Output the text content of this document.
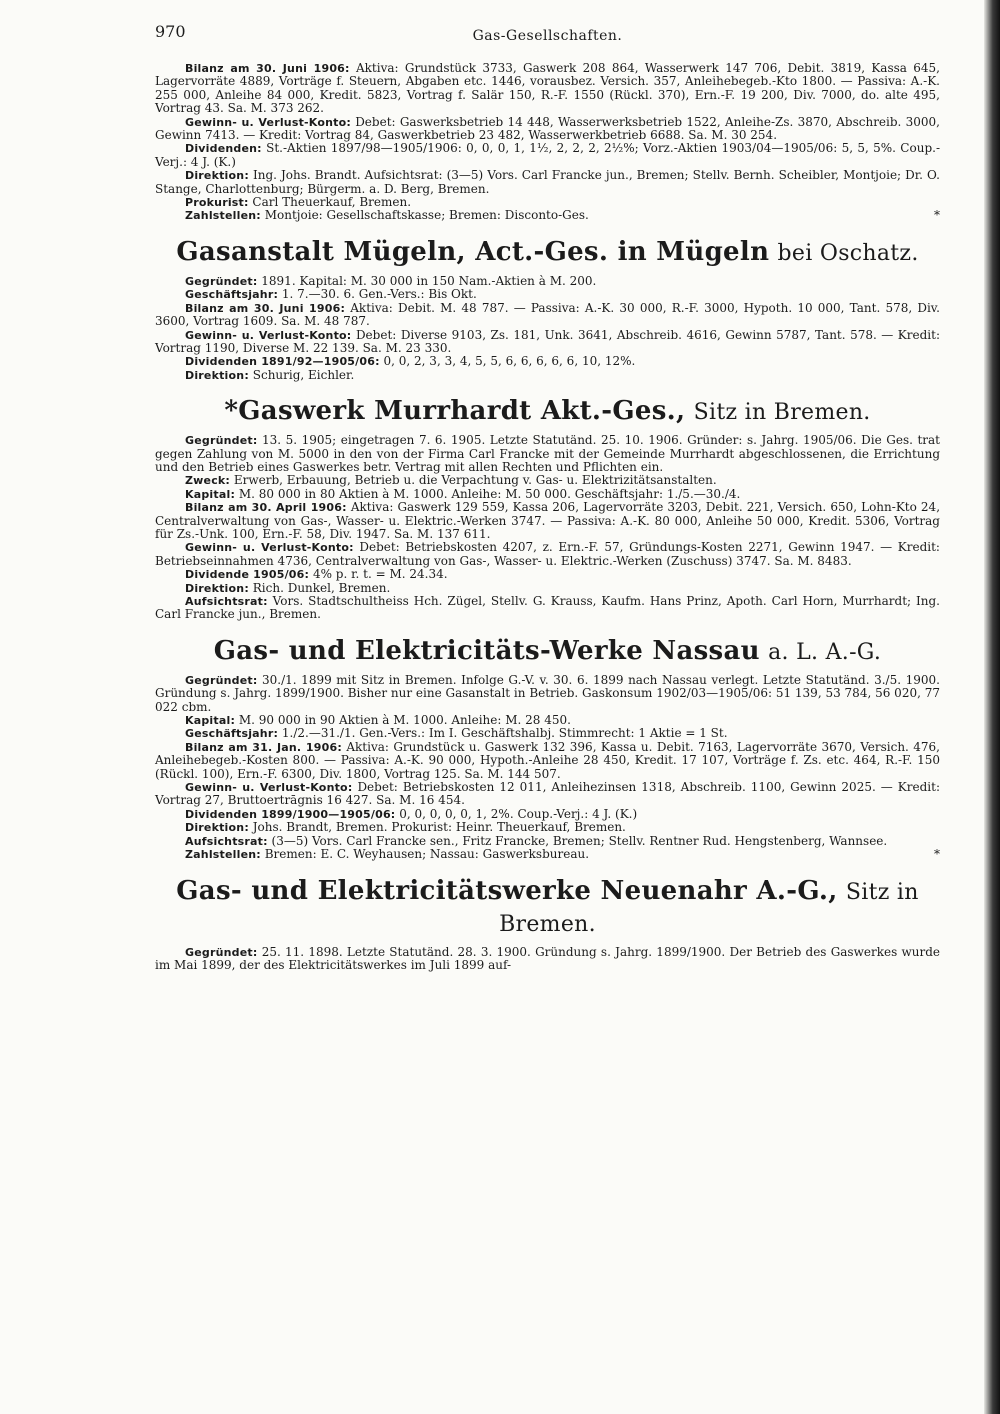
970	Gas-Gesellschaften.

Bilanz am 30. Juni 1906: Aktiva: Grundstück 3733, Gaswerk 208 864, Wasserwerk 147 706, Debit. 3819, Kassa 645, Lagervorräte 4889, Vorträge f. Steuern, Abgaben etc. 1446, vorausbez. Versich. 357, Anleihebegeb.-Kto 1800. — Passiva: A.-K. 255 000, Anleihe 84 000, Kredit. 5823, Vortrag f. Salär 150, R.-F. 1550 (Rückl. 370), Ern.-F. 19 200, Div. 7000, do. alte 495, Vortrag 43. Sa. M. 373 262.

Gewinn- u. Verlust-Konto: Debet: Gaswerksbetrieb 14 448, Wasserwerksbetrieb 1522, Anleihe-Zs. 3870, Abschreib. 3000, Gewinn 7413. — Kredit: Vortrag 84, Gaswerkbetrieb 23 482, Wasserwerkbetrieb 6688. Sa. M. 30 254.

Dividenden: St.-Aktien 1897/98—1905/1906: 0, 0, 0, 1, 1½, 2, 2, 2, 2½%; Vorz.-Aktien 1903/04—1905/06: 5, 5, 5%. Coup.-Verj.: 4 J. (K.)

Direktion: Ing. Johs. Brandt. Aufsichtsrat: (3—5) Vors. Carl Francke jun., Bremen; Stellv. Bernh. Scheibler, Montjoie; Dr. O. Stange, Charlottenburg; Bürgerm. a. D. Berg, Bremen.

Prokurist: Carl Theuerkauf, Bremen.

Zahlstellen: Montjoie: Gesellschaftskasse; Bremen: Disconto-Ges.	*

Gasanstalt Mügeln, Act.-Ges. in Mügeln bei Oschatz.

Gegründet: 1891. Kapital: M. 30 000 in 150 Nam.-Aktien à M. 200.

Geschäftsjahr: 1. 7.—30. 6. Gen.-Vers.: Bis Okt.

Bilanz am 30. Juni 1906: Aktiva: Debit. M. 48 787. — Passiva: A.-K. 30 000, R.-F. 3000, Hypoth. 10 000, Tant. 578, Div. 3600, Vortrag 1609. Sa. M. 48 787.

Gewinn- u. Verlust-Konto: Debet: Diverse 9103, Zs. 181, Unk. 3641, Abschreib. 4616, Gewinn 5787, Tant. 578. — Kredit: Vortrag 1190, Diverse M. 22 139. Sa. M. 23 330.

Dividenden 1891/92—1905/06: 0, 0, 2, 3, 3, 4, 5, 5, 6, 6, 6, 6, 6, 10, 12%.

Direktion: Schurig, Eichler.

*Gaswerk Murrhardt Akt.-Ges., Sitz in Bremen.

Gegründet: 13. 5. 1905; eingetragen 7. 6. 1905. Letzte Statutänd. 25. 10. 1906. Gründer: s. Jahrg. 1905/06. Die Ges. trat gegen Zahlung von M. 5000 in den von der Firma Carl Francke mit der Gemeinde Murrhardt abgeschlossenen, die Errichtung und den Betrieb eines Gaswerkes betr. Vertrag mit allen Rechten und Pflichten ein.

Zweck: Erwerb, Erbauung, Betrieb u. die Verpachtung v. Gas- u. Elektrizitätsanstalten.

Kapital: M. 80 000 in 80 Aktien à M. 1000. Anleihe: M. 50 000. Geschäftsjahr: 1./5.—30./4.

Bilanz am 30. April 1906: Aktiva: Gaswerk 129 559, Kassa 206, Lagervorräte 3203, Debit. 221, Versich. 650, Lohn-Kto 24, Centralverwaltung von Gas-, Wasser- u. Elektric.-Werken 3747. — Passiva: A.-K. 80 000, Anleihe 50 000, Kredit. 5306, Vortrag für Zs.-Unk. 100, Ern.-F. 58, Div. 1947. Sa. M. 137 611.

Gewinn- u. Verlust-Konto: Debet: Betriebskosten 4207, z. Ern.-F. 57, Gründungs-Kosten 2271, Gewinn 1947. — Kredit: Betriebseinnahmen 4736, Centralverwaltung von Gas-, Wasser- u. Elektric.-Werken (Zuschuss) 3747. Sa. M. 8483.

Dividende 1905/06: 4% p. r. t. = M. 24.34.

Direktion: Rich. Dunkel, Bremen.

Aufsichtsrat: Vors. Stadtschultheiss Hch. Zügel, Stellv. G. Krauss, Kaufm. Hans Prinz, Apoth. Carl Horn, Murrhardt; Ing. Carl Francke jun., Bremen.

Gas- und Elektricitäts-Werke Nassau a. L. A.-G.

Gegründet: 30./1. 1899 mit Sitz in Bremen. Infolge G.-V. v. 30. 6. 1899 nach Nassau verlegt. Letzte Statutänd. 3./5. 1900. Gründung s. Jahrg. 1899/1900. Bisher nur eine Gasanstalt in Betrieb. Gaskonsum 1902/03—1905/06: 51 139, 53 784, 56 020, 77 022 cbm.

Kapital: M. 90 000 in 90 Aktien à M. 1000. Anleihe: M. 28 450.

Geschäftsjahr: 1./2.—31./1. Gen.-Vers.: Im I. Geschäftshalbj. Stimmrecht: 1 Aktie = 1 St.

Bilanz am 31. Jan. 1906: Aktiva: Grundstück u. Gaswerk 132 396, Kassa u. Debit. 7163, Lagervorräte 3670, Versich. 476, Anleihebegeb.-Kosten 800. — Passiva: A.-K. 90 000, Hypoth.-Anleihe 28 450, Kredit. 17 107, Vorträge f. Zs. etc. 464, R.-F. 150 (Rückl. 100), Ern.-F. 6300, Div. 1800, Vortrag 125. Sa. M. 144 507.

Gewinn- u. Verlust-Konto: Debet: Betriebskosten 12 011, Anleihezinsen 1318, Abschreib. 1100, Gewinn 2025. — Kredit: Vortrag 27, Bruttoertrāgnis 16 427. Sa. M. 16 454.

Dividenden 1899/1900—1905/06: 0, 0, 0, 0, 0, 1, 2%. Coup.-Verj.: 4 J. (K.)

Direktion: Johs. Brandt, Bremen. Prokurist: Heinr. Theuerkauf, Bremen.

Aufsichtsrat: (3—5) Vors. Carl Francke sen., Fritz Francke, Bremen; Stellv. Rentner Rud. Hengstenberg, Wannsee.

Zahlstellen: Bremen: E. C. Weyhausen; Nassau: Gaswerksbureau.	*

Gas- und Elektricitätswerke Neuenahr A.-G., Sitz in Bremen.

Gegründet: 25. 11. 1898. Letzte Statutänd. 28. 3. 1900. Gründung s. Jahrg. 1899/1900. Der Betrieb des Gaswerkes wurde im Mai 1899, der des Elektricitätswerkes im Juli 1899 auf-
